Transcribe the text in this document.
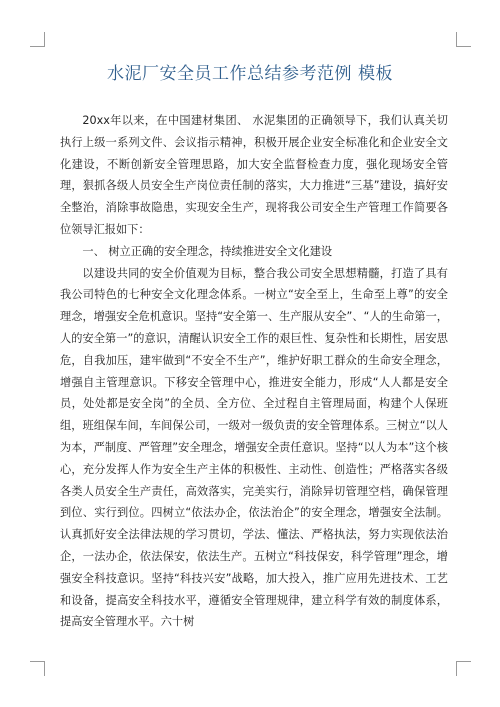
水泥厂安全员工作总结参考范例 模板

20xx年以来，在中国建材集团、 水泥集团的正确领导下，我们认真关切执行上级一系列文件、会议指示精神，积极开展企业安全标准化和企业安全文化建设，不断创新安全管理思路，加大安全监督检查力度，强化现场安全管理，狠抓各级人员安全生产岗位责任制的落实，大力推进“三基”建设，搞好安全整治，消除事故隐患，实现安全生产，现将我公司安全生产管理工作简要各位领导汇报如下：

一、 树立正确的安全理念，持续推进安全文化建设

以建设共同的安全价值观为目标，整合我公司安全思想精髓，打造了具有我公司特色的七种安全文化理念体系。一树立“安全至上，生命至上尊”的安全理念，增强安全危机意识。坚持“安全第一、生产服从安全”、“人的生命第一，人的安全第一”的意识，清醒认识安全工作的艰巨性、复杂性和长期性，居安思危，自我加压，建牢做到“不安全不生产”，维护好职工群众的生命安全理念，增强自主管理意识。下移安全管理中心，推进安全能力，形成“人人都是安全员，处处都是安全岗”的全员、全方位、全过程自主管理局面，构建个人保班组，班组保车间，车间保公司，一级对一级负责的安全管理体系。三树立“以人为本，严制度、严管理”安全理念，增强安全责任意识。坚持“以人为本”这个核心，充分发挥人作为安全生产主体的积极性、主动性、创造性；严格落实各级各类人员安全生产责任，高效落实，完美实行，消除异切管理空档，确保管理到位、实行到位。四树立“依法办企，依法治企”的安全理念，增强安全法制。认真抓好安全法律法规的学习贯切，学法、懂法、严格执法，努力实现依法治企，一法办企，依法保安，依法生产。五树立“科技保安，科学管理”理念，增强安全科技意识。坚持“科技兴安”战略，加大投入，推广应用先进技术、工艺和设备，提高安全科技水平，遵循安全管理规律，建立科学有效的制度体系，提高安全管理水平。六十树
